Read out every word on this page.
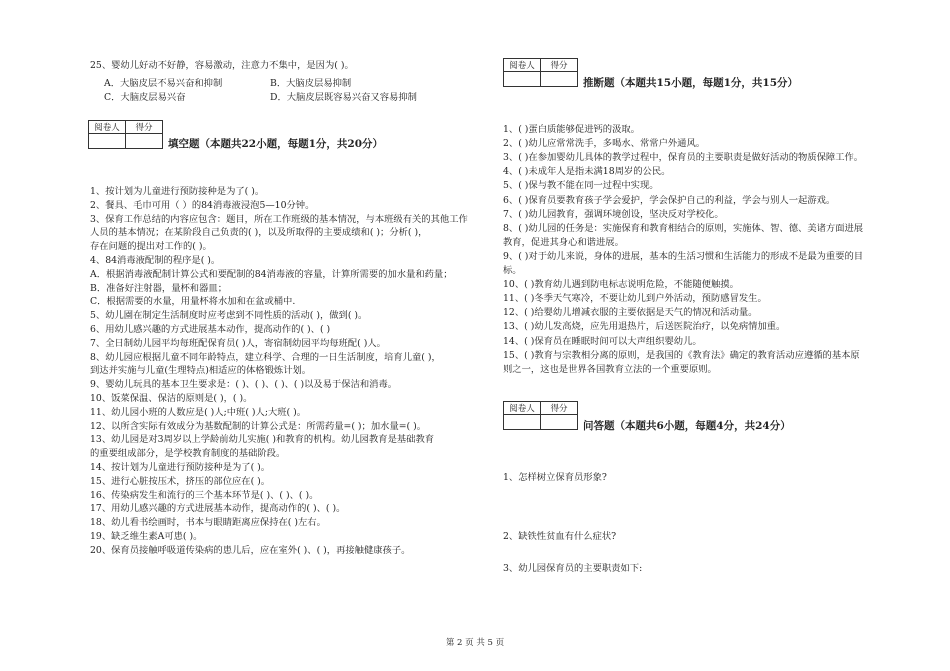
25、婴幼儿好动不好静，容易激动，注意力不集中，是因为( )。
A．大脑皮层不易兴奋和抑制	B．大脑皮层易抑制
C．大脑皮层易兴奋	D．大脑皮层既容易兴奋又容易抑制
阅卷人	得分

填空题（本题共22小题，每题1分，共20分）
1、按计划为儿童进行预防接种是为了( )。
2、餐具、毛巾可用（ ）的84消毒液浸泡5—10分钟。
3、保育工作总结的内容应包含：题目，所在工作班级的基本情况，与本班级有关的其他工作
人员的基本情况；在某阶段自己负责的( )，以及所取得的主要成绩和( )；分析( )，
存在问题的提出对工作的( )。
4、84消毒液配制的程序是( )。
A．根据消毒液配制计算公式和要配制的84消毒液的容量，计算所需要的加水量和药量；
B．准备好注射器，量杯和器皿；
C．根据需要的水量，用量杯将水加和在盆或桶中.
5、幼儿園在制定生活制度时应考虑到不同性质的活动( )，做到( )。
6、用幼儿感兴趣的方式进展基本动作，提高动作的( )、( )
7、全日制幼儿园平均每班配保育员( )人，寄宿制幼园平均每班配( )人。
8、幼儿园应根据儿童不同年龄特点，建立科学、合理的一日生活制度，培育儿童( )，
到达并实施与儿童(生理特点)相适应的体格锻炼计划。
9、婴幼儿玩具的基本卫生要求是：( )、( )、( )、( )以及易于保洁和消毒。
10、饭菜保温、保洁的原则是( )，( )。
11、幼儿园小班的人数应是( )人;中班( )人;大班( )。
12、以所含实际有效成分为基数配制的计算公式是：所需药量=( )；加水量=( )。
13、幼儿园是对3周岁以上学龄前幼儿实施( )和教育的机构。幼儿园教育是基础教育
的重要组成部分，是学校教育制度的基础阶段。
14、按计划为儿童进行预防接种是为了( )。
15、进行心脏按压术，挤压的部位应在( )。
16、传染病发生和流行的三个基本环节是( )、( )、( )。
17、用幼儿感兴趣的方式进展基本动作，提高动作的( )、( )。
18、幼儿看书绘画时，书本与眼睛距离应保持在( )左右。
19、缺乏维生素A可患( )。
20、保育员接触呼吸道传染病的患儿后，应在室外( )、( )，再接触健康孩子。
阅卷人	得分

推断题（本题共15小题，每题1分，共15分）
1、( )蛋白质能够促进钙的汲取。
2、( )幼儿应常常洗手，多喝水、常常户外通风。
3、( )在参加婴幼儿具体的教学过程中，保育员的主要职责是做好活动的物质保障工作。
4、( )未成年人是指未满18周岁的公民。
5、( )保与教不能在同一过程中实现。
6、( )保育员要教育孩子学会爱护，学会保护自己的利益，学会与别人一起游戏。
7、( )幼儿园教育，强调环境创设，坚决反对学校化。
8、( )幼儿园的任务是：实施保育和教育相结合的原则，实施体、智、德、美诸方面进展
教育，促进其身心和谐进展。
9、( )对于幼儿来说，身体的进展，基本的生活习惯和生活能力的形成不是最为重要的目
标。
10、( )教育幼儿遇到防电标志说明危险，不能随便触摸。
11、( )冬季天气寒冷，不要让幼儿到户外活动，预防感冒发生。
12、( )给婴幼儿增减衣服的主要依据是天气的情况和活动量。
13、( )幼儿发高烧，应先用退热片，后送医院治疗，以免病情加重。
14、( )保育员在睡眠时间可以大声组织婴幼儿。
15、( )教育与宗教相分离的原则，是我国的《教育法》确定的教育活动应遵循的基本原
则之一，这也是世界各国教育立法的一个重要原则。
阅卷人	得分

问答题（本题共6小题，每题4分，共24分）
1、怎样树立保育员形象?
2、缺铁性贫血有什么症状?
3、幼儿园保育员的主要职责如下:
第 2 页 共 5 页
